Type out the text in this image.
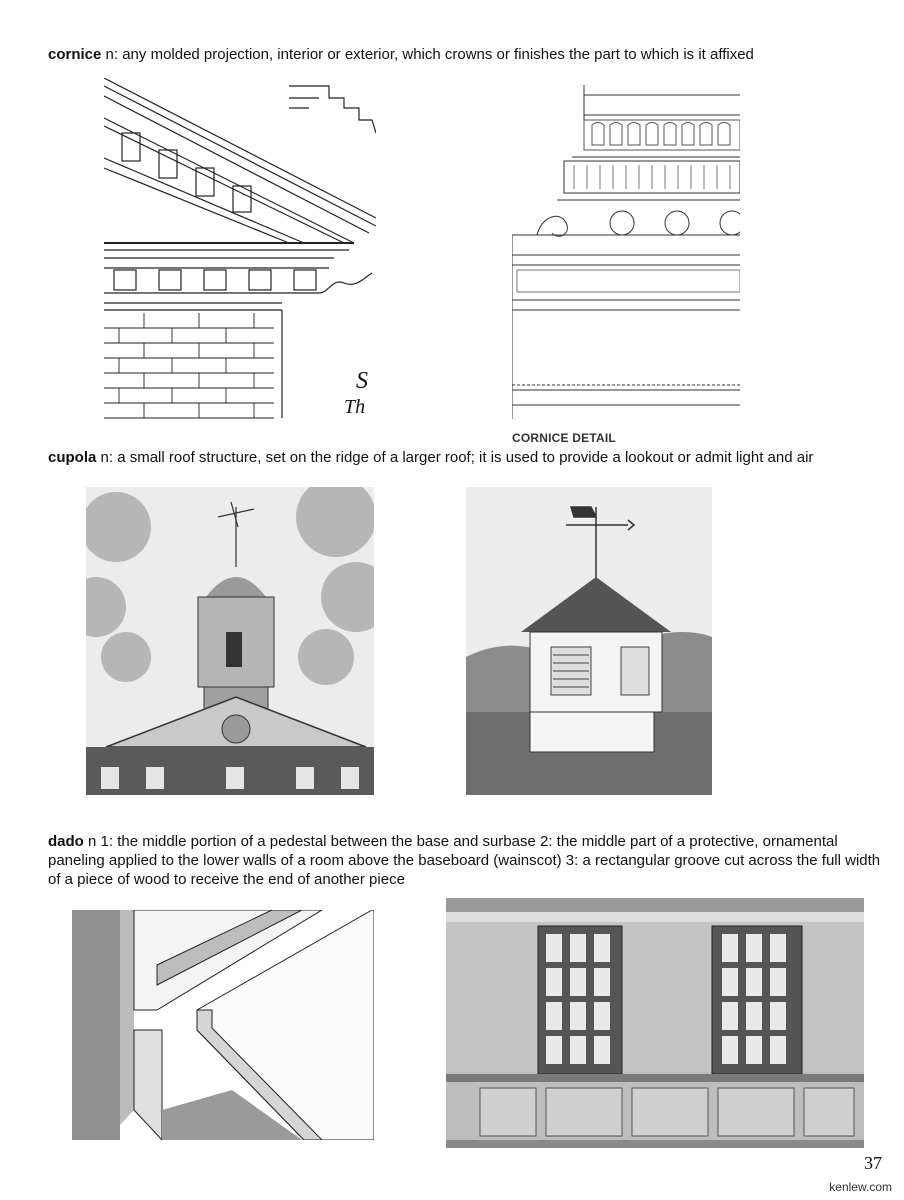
cornice n: any molded projection, interior or exterior, which crowns or finishes the part to which is it affixed
S
Th
CORNICE DETAIL
cupola n: a small roof structure, set on the ridge of a larger roof; it is used to provide a lookout or admit light and air
dado n 1: the middle portion of a pedestal between the base and surbase 2: the middle part of a protective, ornamental paneling applied to the lower walls of a room above the baseboard (wainscot) 3: a rectangular groove cut across the full width of a piece of wood to receive the end of another piece
37
kenlew.com
